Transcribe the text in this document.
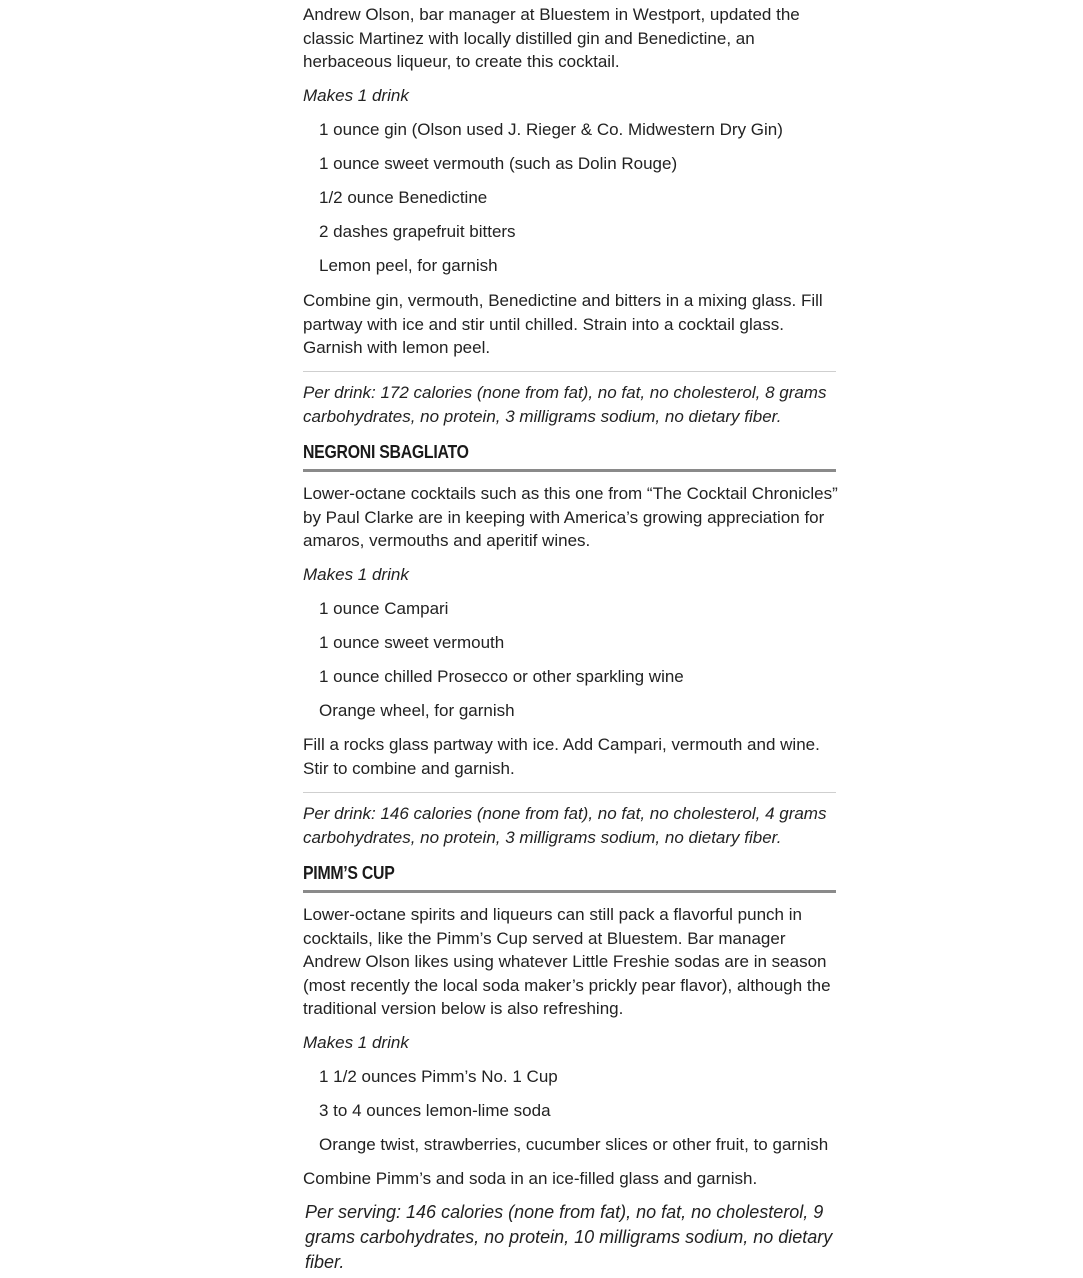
Andrew Olson, bar manager at Bluestem in Westport, updated the classic Martinez with locally distilled gin and Benedictine, an herbaceous liqueur, to create this cocktail.

Makes 1 drink

1 ounce gin (Olson used J. Rieger & Co. Midwestern Dry Gin)

1 ounce sweet vermouth (such as Dolin Rouge)

1/2 ounce Benedictine

2 dashes grapefruit bitters

Lemon peel, for garnish

Combine gin, vermouth, Benedictine and bitters in a mixing glass. Fill partway with ice and stir until chilled. Strain into a cocktail glass. Garnish with lemon peel.

Per drink: 172 calories (none from fat), no fat, no cholesterol, 8 grams carbohydrates, no protein, 3 milligrams sodium, no dietary fiber.

NEGRONI SBAGLIATO

Lower-octane cocktails such as this one from “The Cocktail Chronicles” by Paul Clarke are in keeping with America’s growing appreciation for amaros, vermouths and aperitif wines.

Makes 1 drink

1 ounce Campari

1 ounce sweet vermouth

1 ounce chilled Prosecco or other sparkling wine

Orange wheel, for garnish

Fill a rocks glass partway with ice. Add Campari, vermouth and wine. Stir to combine and garnish.

Per drink: 146 calories (none from fat), no fat, no cholesterol, 4 grams carbohydrates, no protein, 3 milligrams sodium, no dietary fiber.

PIMM’S CUP

Lower-octane spirits and liqueurs can still pack a flavorful punch in cocktails, like the Pimm’s Cup served at Bluestem. Bar manager Andrew Olson likes using whatever Little Freshie sodas are in season (most recently the local soda maker’s prickly pear flavor), although the traditional version below is also refreshing.

Makes 1 drink

1 1/2 ounces Pimm’s No. 1 Cup

3 to 4 ounces lemon-lime soda

Orange twist, strawberries, cucumber slices or other fruit, to garnish

Combine Pimm’s and soda in an ice-filled glass and garnish.

Per serving: 146 calories (none from fat), no fat, no cholesterol, 9 grams carbohydrates, no protein, 10 milligrams sodium, no dietary fiber.
